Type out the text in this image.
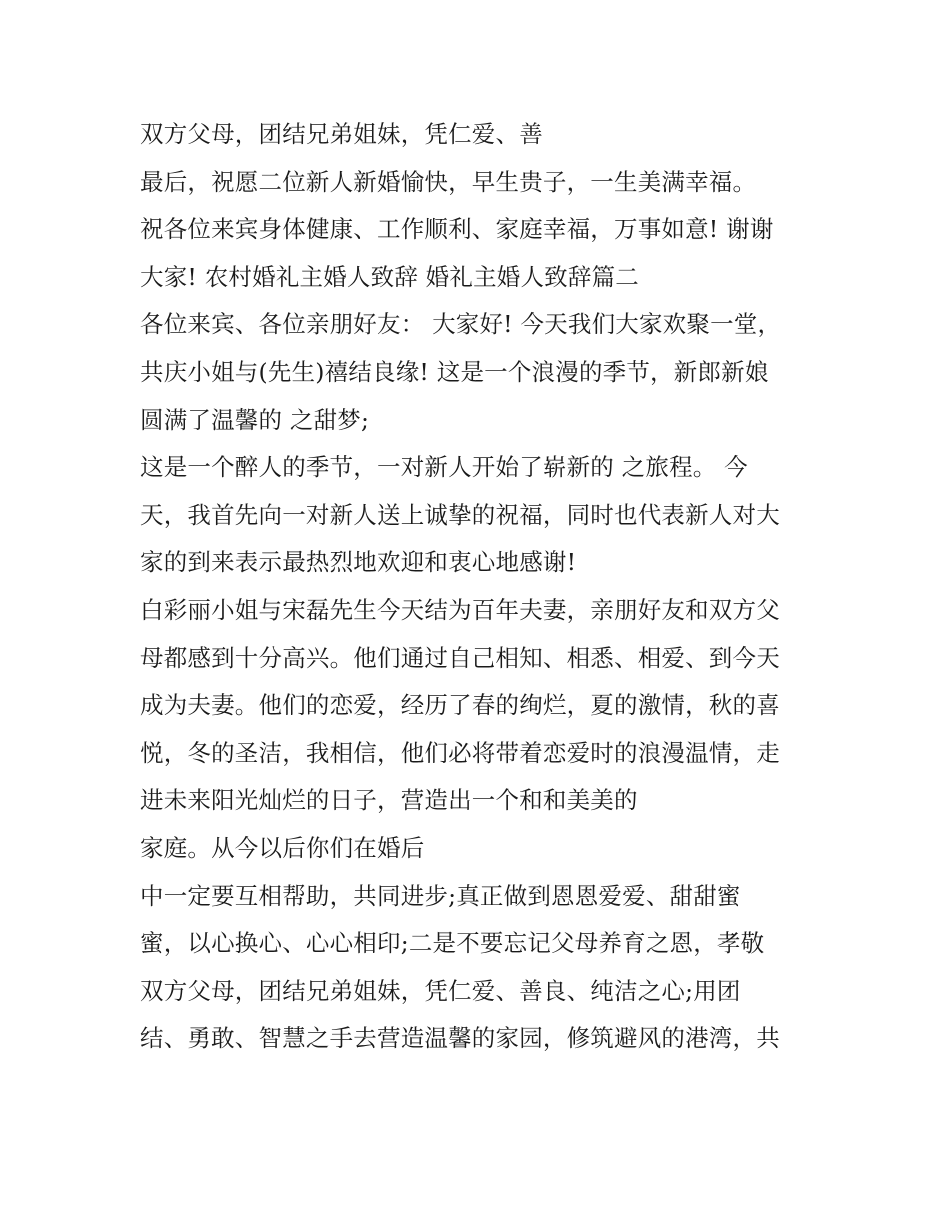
双方父母，团结兄弟姐妹，凭仁爱、善
最后，祝愿二位新人新婚愉快，早生贵子，一生美满幸福。
祝各位来宾身体健康、工作顺利、家庭幸福，万事如意! 谢谢
大家! 农村婚礼主婚人致辞 婚礼主婚人致辞篇二
各位来宾、各位亲朋好友： 大家好! 今天我们大家欢聚一堂，
共庆小姐与(先生)禧结良缘! 这是一个浪漫的季节，新郎新娘
圆满了温馨的 之甜梦;
这是一个醉人的季节，一对新人开始了崭新的 之旅程。 今
天，我首先向一对新人送上诚挚的祝福，同时也代表新人对大
家的到来表示最热烈地欢迎和衷心地感谢!
白彩丽小姐与宋磊先生今天结为百年夫妻，亲朋好友和双方父
母都感到十分高兴。他们通过自己相知、相悉、相爱、到今天
成为夫妻。他们的恋爱，经历了春的绚烂，夏的激情，秋的喜
悦，冬的圣洁，我相信，他们必将带着恋爱时的浪漫温情，走
进未来阳光灿烂的日子，营造出一个和和美美的
家庭。从今以后你们在婚后
中一定要互相帮助，共同进步;真正做到恩恩爱爱、甜甜蜜
蜜，以心换心、心心相印;二是不要忘记父母养育之恩，孝敬
双方父母，团结兄弟姐妹，凭仁爱、善良、纯洁之心;用团
结、勇敢、智慧之手去营造温馨的家园，修筑避风的港湾，共
